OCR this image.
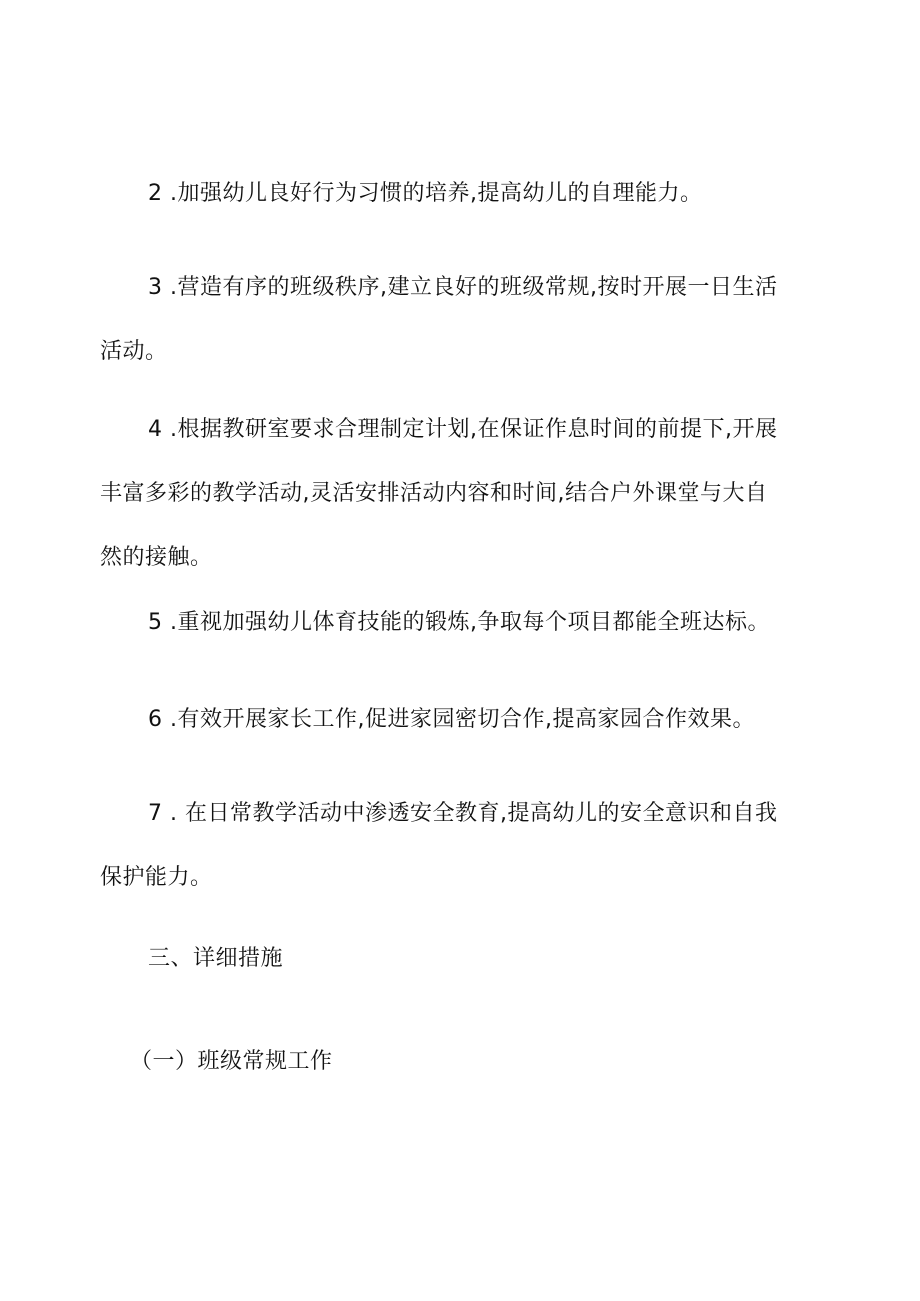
2 .加强幼儿良好行为习惯的培养,提高幼儿的自理能力。
3 .营造有序的班级秩序,建立良好的班级常规,按时开展一日生活
活动。
4 .根据教研室要求合理制定计划,在保证作息时间的前提下,开展
丰富多彩的教学活动,灵活安排活动内容和时间,结合户外课堂与大自
然的接触。
5 .重视加强幼儿体育技能的锻炼,争取每个项目都能全班达标。
6 .有效开展家长工作,促进家园密切合作,提高家园合作效果。
7 . 在日常教学活动中渗透安全教育,提高幼儿的安全意识和自我
保护能力。
三、详细措施
（一）班级常规工作
